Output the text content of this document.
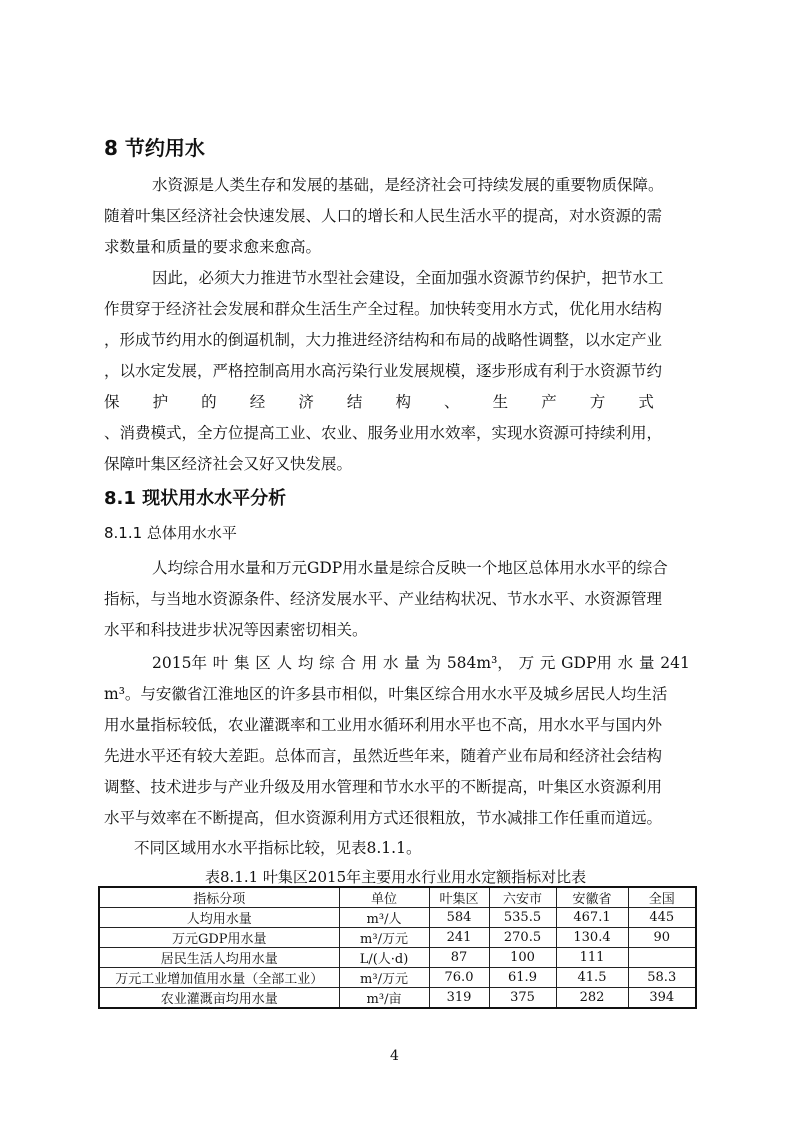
8 节约用水
水资源是人类生存和发展的基础，是经济社会可持续发展的重要物质保障。
随着叶集区经济社会快速发展、人口的增长和人民生活水平的提高，对水资源的需
求数量和质量的要求愈来愈高。
因此，必须大力推进节水型社会建设，全面加强水资源节约保护，把节水工
作贯穿于经济社会发展和群众生活生产全过程。加快转变用水方式，优化用水结构
，形成节约用水的倒逼机制，大力推进经济结构和布局的战略性调整，以水定产业
，以水定发展，严格控制高用水高污染行业发展规模，逐步形成有利于水资源节约
保 护 的 经 济 结 构 、 生 产 方 式
、消费模式，全方位提高工业、农业、服务业用水效率，实现水资源可持续利用，
保障叶集区经济社会又好又快发展。
8.1 现状用水水平分析
8.1.1 总体用水水平
人均综合用水量和万元GDP用水量是综合反映一个地区总体用水水平的综合
指标，与当地水资源条件、经济发展水平、产业结构状况、节水水平、水资源管理
水平和科技进步状况等因素密切相关。
2015年 叶 集 区 人 均 综 合 用 水 量 为 584m³， 万 元 GDP用 水 量 241
m³。与安徽省江淮地区的许多县市相似，叶集区综合用水水平及城乡居民人均生活
用水量指标较低，农业灌溉率和工业用水循环利用水平也不高，用水水平与国内外
先进水平还有较大差距。总体而言，虽然近些年来，随着产业布局和经济社会结构
调整、技术进步与产业升级及用水管理和节水水平的不断提高，叶集区水资源利用
水平与效率在不断提高，但水资源利用方式还很粗放，节水减排工作任重而道远。
不同区域用水水平指标比较，见表8.1.1。
表8.1.1 叶集区2015年主要用水行业用水定额指标对比表
指标分项	单位	叶集区	六安市	安徽省	全国
人均用水量	m³/人	584	535.5	467.1	445
万元GDP用水量	m³/万元	241	270.5	130.4	90
居民生活人均用水量	L/(人·d)	87	100	111	
万元工业增加值用水量（全部工业）	m³/万元	76.0	61.9	41.5	58.3
农业灌溉亩均用水量	m³/亩	319	375	282	394
4
